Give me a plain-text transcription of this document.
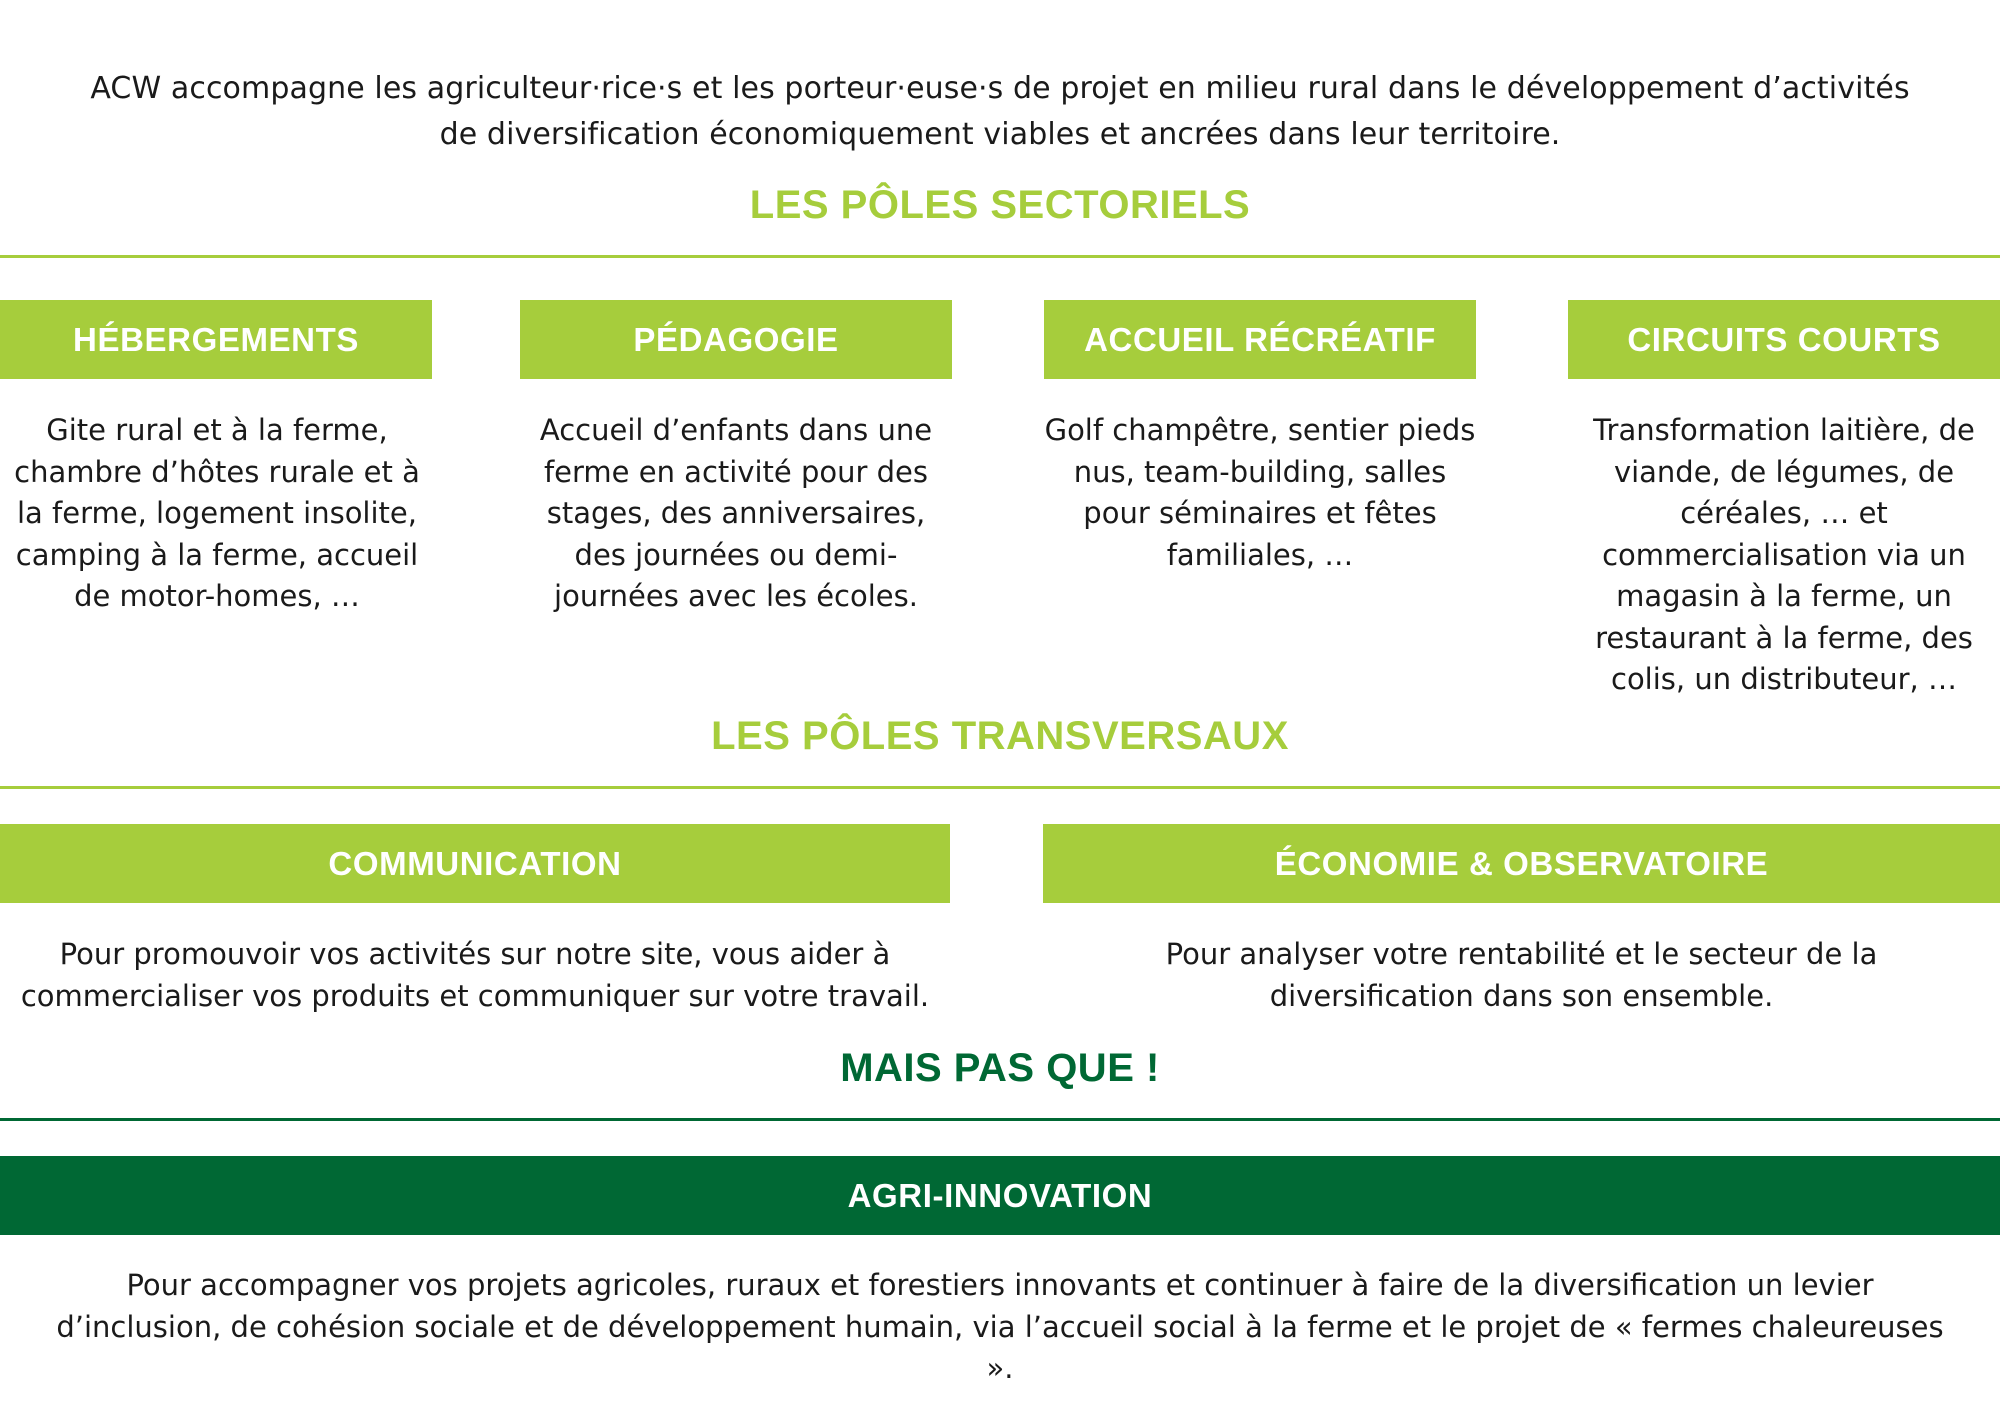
ACW accompagne les agriculteur·rice·s et les porteur·euse·s de projet en milieu rural dans le développement d’activités
de diversification économiquement viables et ancrées dans leur territoire.
LES PÔLES SECTORIELS
HÉBERGEMENTS	PÉDAGOGIE	ACCUEIL RÉCRÉATIF	CIRCUITS COURTS
Gite rural et à la ferme, chambre d’hôtes rurale et à la ferme, logement insolite, camping à la ferme, accueil de motor-homes, …
Accueil d’enfants dans une ferme en activité pour des stages, des anniversaires, des journées ou demi-journées avec les écoles.
Golf champêtre, sentier pieds nus, team-building, salles pour séminaires et fêtes familiales, …
Transformation laitière, de viande, de légumes, de céréales, … et commercialisation via un magasin à la ferme, un restaurant à la ferme, des colis, un distributeur, …
LES PÔLES TRANSVERSAUX
COMMUNICATION	ÉCONOMIE & OBSERVATOIRE
Pour promouvoir vos activités sur notre site, vous aider à commercialiser vos produits et communiquer sur votre travail.
Pour analyser votre rentabilité et le secteur de la diversification dans son ensemble.
MAIS PAS QUE !
AGRI-INNOVATION
Pour accompagner vos projets agricoles, ruraux et forestiers innovants et continuer à faire de la diversification un levier d’inclusion, de cohésion sociale et de développement humain, via l’accueil social à la ferme et le projet de « fermes chaleureuses ».
